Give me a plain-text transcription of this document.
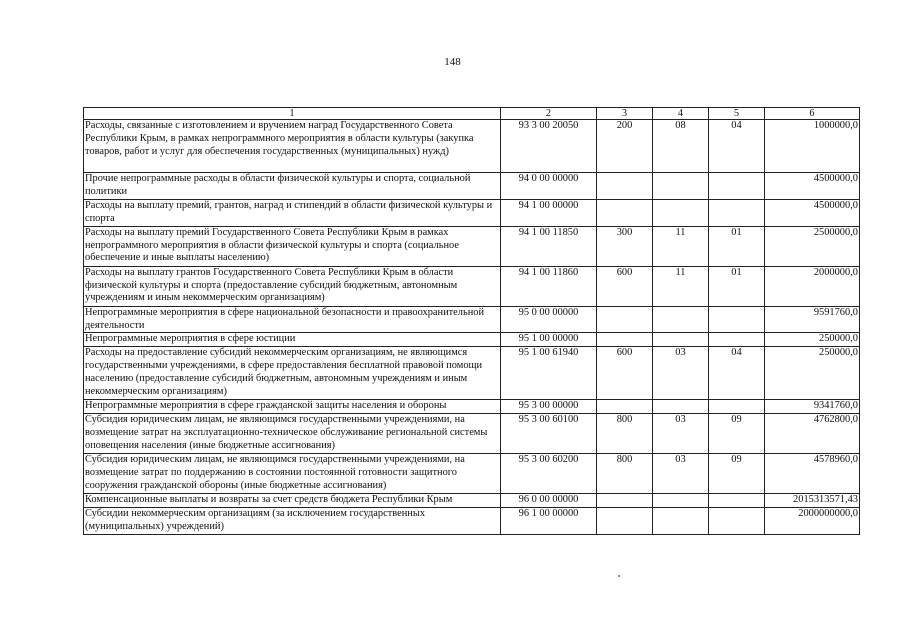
148
1	2	3	4	5	6
Расходы, связанные с изготовлением и вручением наград Государственного Совета Республики Крым, в рамках непрограммного мероприятия в области культуры (закупка товаров, работ и услуг для обеспечения государственных (муниципальных) нужд)	93 3 00 20050	200	08	04	1000000,0
Прочие непрограммные расходы в области физической культуры и спорта, социальной политики	94 0 00 00000				4500000,0
Расходы на выплату премий, грантов, наград и стипендий в области физической культуры и спорта	94 1 00 00000				4500000,0
Расходы на выплату премий Государственного Совета Республики Крым в рамках непрограммного мероприятия в области физической культуры и спорта (социальное обеспечение и иные выплаты населению)	94 1 00 11850	300	11	01	2500000,0
Расходы на выплату грантов Государственного Совета Республики Крым в области физической культуры и спорта (предоставление субсидий бюджетным, автономным учреждениям и иным некоммерческим организациям)	94 1 00 11860	600	11	01	2000000,0
Непрограммные мероприятия в сфере национальной безопасности и правоохранительной деятельности	95 0 00 00000				9591760,0
Непрограммные мероприятия в сфере юстиции	95 1 00 00000				250000,0
Расходы на предоставление субсидий некоммерческим организациям, не являющимся государственными учреждениями, в сфере предоставления бесплатной правовой помощи населению (предоставление субсидий бюджетным, автономным учреждениям и иным некоммерческим организациям)	95 1 00 61940	600	03	04	250000,0
Непрограммные мероприятия в сфере гражданской защиты населения и обороны	95 3 00 00000				9341760,0
Субсидия юридическим лицам, не являющимся государственными учреждениями, на возмещение затрат на эксплуатационно-техническое обслуживание региональной системы оповещения населения (иные бюджетные ассигнования)	95 3 00 60100	800	03	09	4762800,0
Субсидия юридическим лицам, не являющимся государственными учреждениями, на возмещение затрат по поддержанию в состоянии постоянной готовности защитного сооружения гражданской обороны (иные бюджетные ассигнования)	95 3 00 60200	800	03	09	4578960,0
Компенсационные выплаты и возвраты за счет средств бюджета Республики Крым	96 0 00 00000				2015313571,43
Субсидии некоммерческим организациям (за исключением государственных (муниципальных) учреждений)	96 1 00 00000				2000000000,0
